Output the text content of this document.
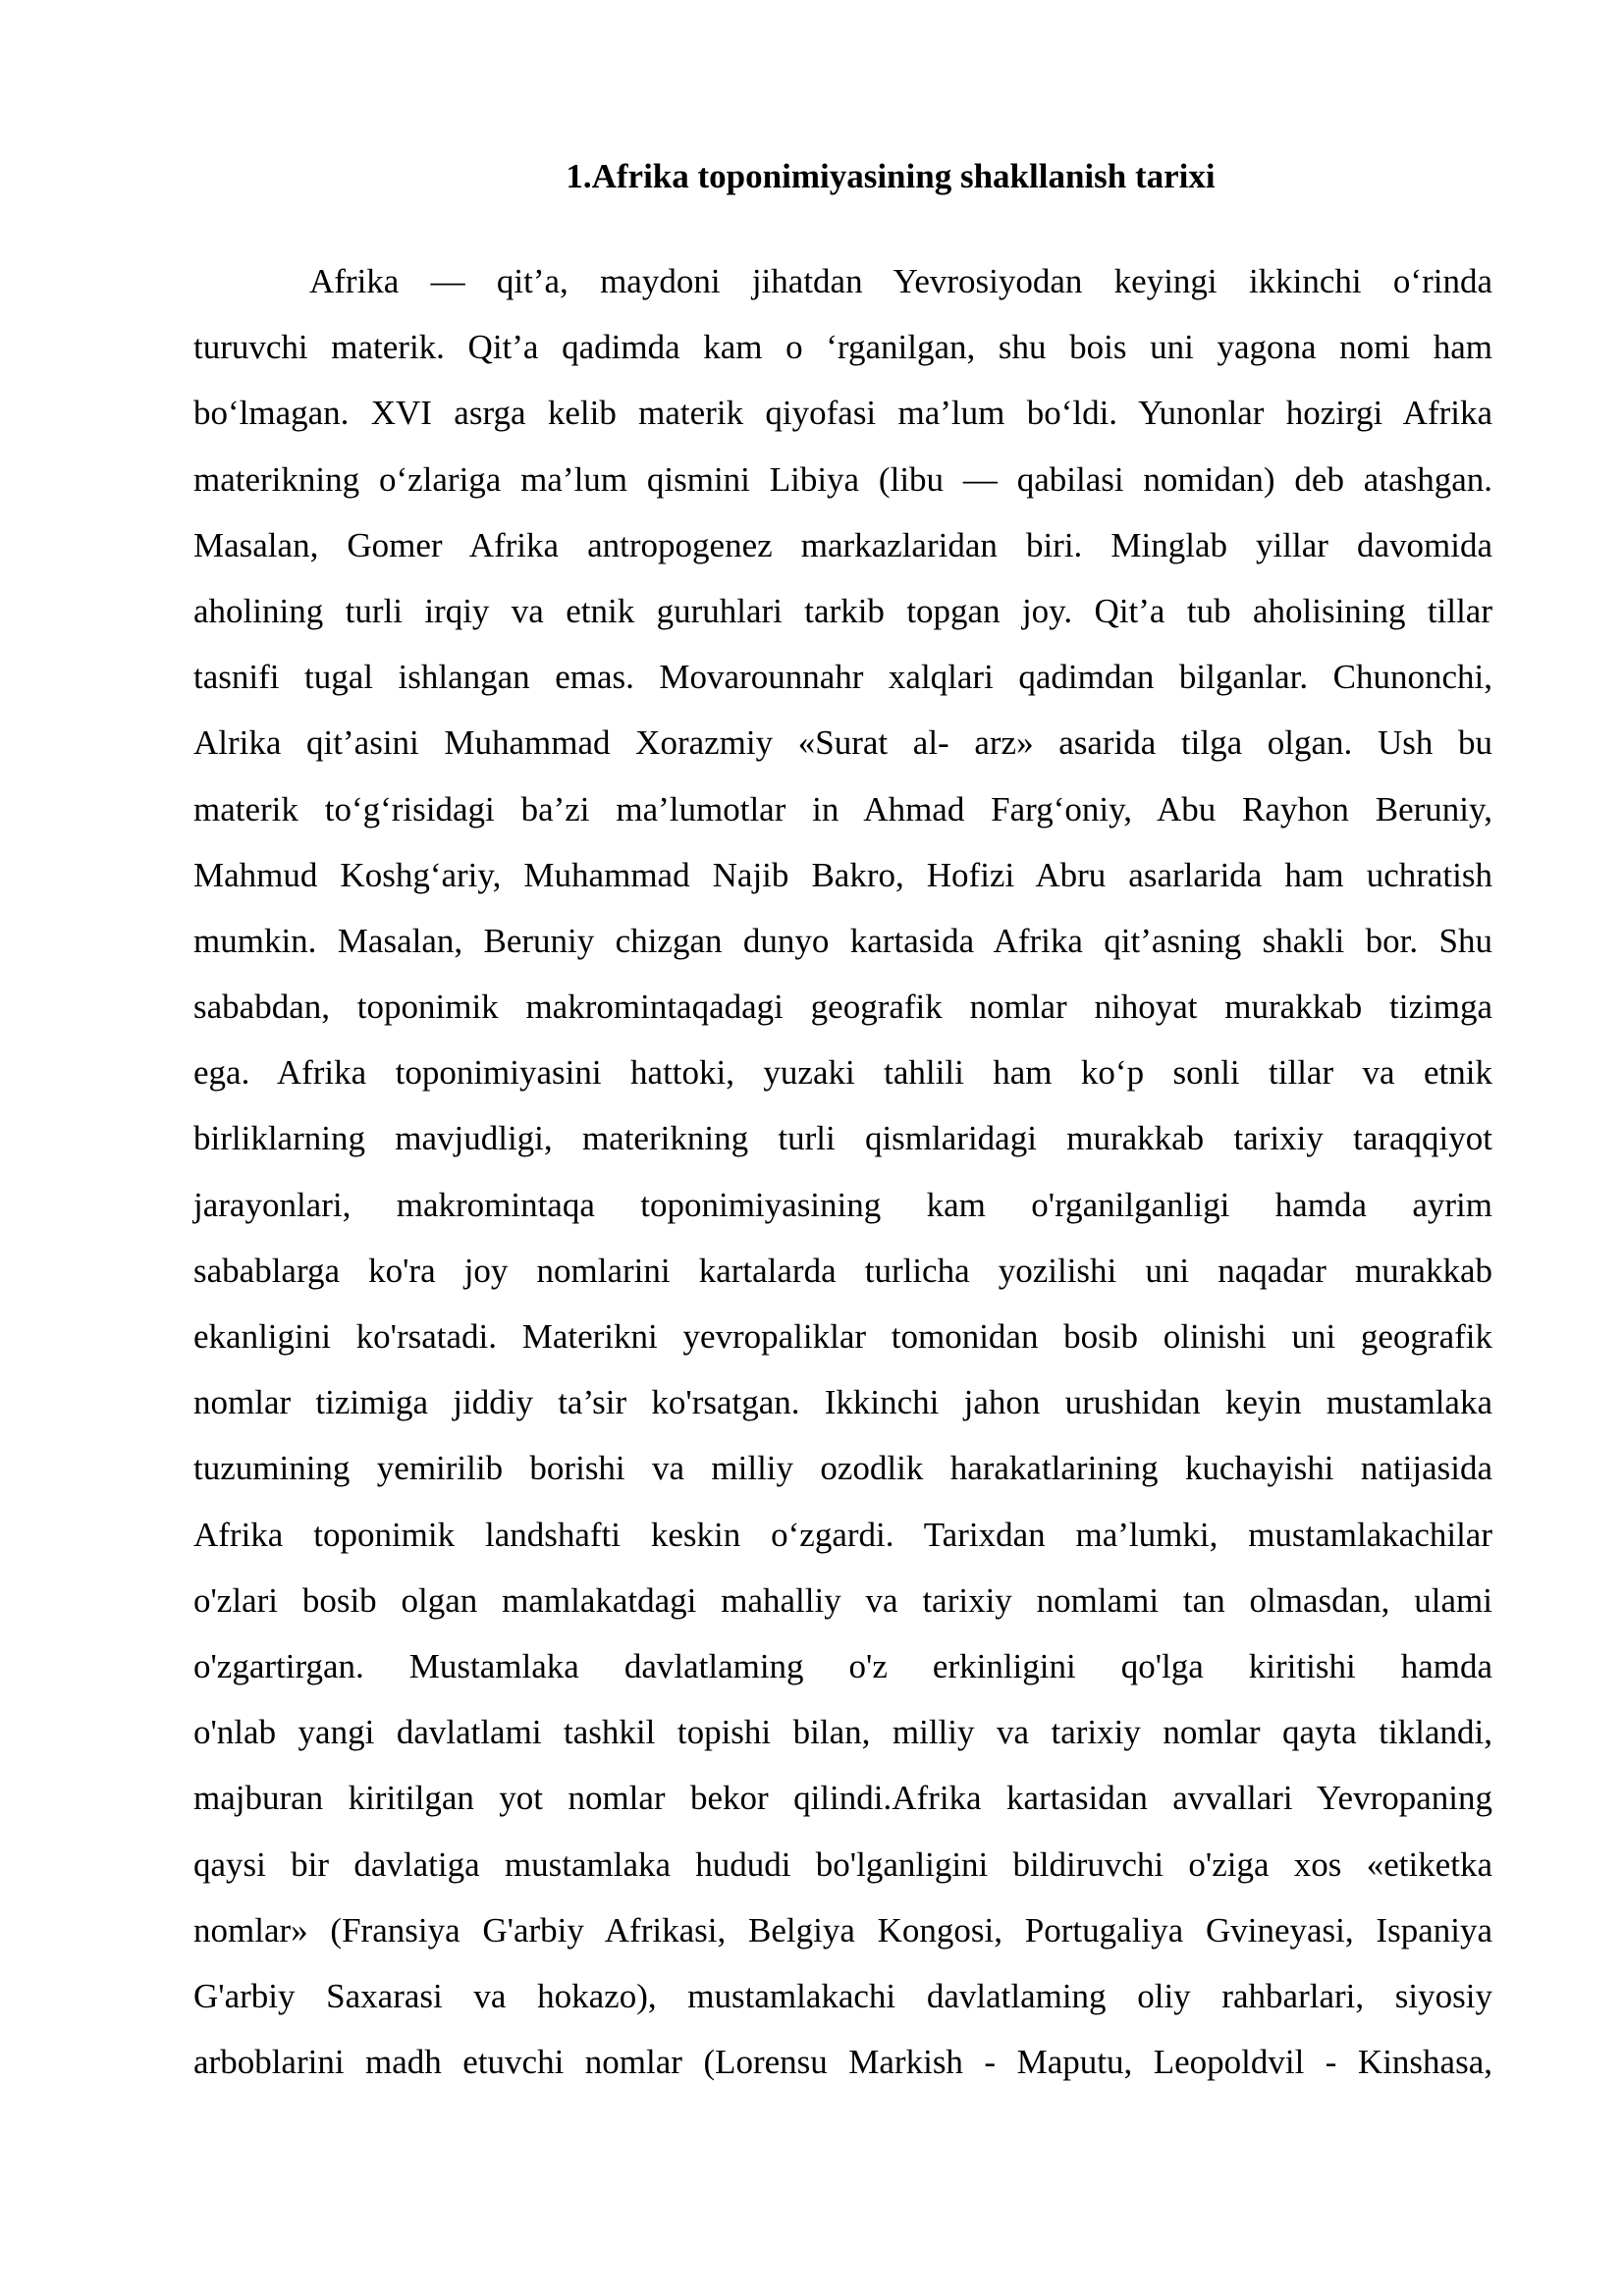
1.Afrika toponimiyasining shakllanish tarixi
Afrika — qit’a, maydoni jihatdan Yevrosiyodan keyingi ikkinchi o‘rinda
turuvchi materik. Qit’a qadimda kam o ‘rganilgan, shu bois uni yagona nomi ham
bo‘lmagan. XVI asrga kelib materik qiyofasi ma’lum bo‘ldi. Yunonlar hozirgi Afrika
materikning o‘zlariga ma’lum qismini Libiya (libu — qabilasi nomidan) deb atashgan.
Masalan, Gomer Afrika antropogenez markazlaridan biri. Minglab yillar davomida
aholining turli irqiy va etnik guruhlari tarkib topgan joy. Qit’a tub aholisining tillar
tasnifi tugal ishlangan emas. Movarounnahr xalqlari qadimdan bilganlar. Chunonchi,
Alrika qit’asini Muhammad Xorazmiy «Surat al- arz» asarida tilga olgan. Ush bu
materik to‘g‘risidagi ba’zi ma’lumotlar in Ahmad Farg‘oniy, Abu Rayhon Beruniy,
Mahmud Koshg‘ariy, Muhammad Najib Bakro, Hofizi Abru asarlarida ham uchratish
mumkin. Masalan, Beruniy chizgan dunyo kartasida Afrika qit’asning shakli bor. Shu
sababdan, toponimik makromintaqadagi geografik nomlar nihoyat murakkab tizimga
ega. Afrika toponimiyasini hattoki, yuzaki tahlili ham ko‘p sonli tillar va etnik
birliklarning mavjudligi, materikning turli qismlaridagi murakkab tarixiy taraqqiyot
jarayonlari, makromintaqa toponimiyasining kam o'rganilganligi hamda ayrim
sabablarga ko'ra joy nomlarini kartalarda turlicha yozilishi uni naqadar murakkab
ekanligini ko'rsatadi. Materikni yevropaliklar tomonidan bosib olinishi uni geografik
nomlar tizimiga jiddiy ta’sir ko'rsatgan. Ikkinchi jahon urushidan keyin mustamlaka
tuzumining yemirilib borishi va milliy ozodlik harakatlarining kuchayishi natijasida
Afrika toponimik landshafti keskin o‘zgardi. Tarixdan ma’lumki, mustamlakachilar
o'zlari bosib olgan mamlakatdagi mahalliy va tarixiy nomlami tan olmasdan, ulami
o'zgartirgan. Mustamlaka davlatlaming o'z erkinligini qo'lga kiritishi hamda
o'nlab yangi davlatlami tashkil topishi bilan, milliy va tarixiy nomlar qayta tiklandi,
majburan kiritilgan yot nomlar bekor qilindi.Afrika kartasidan avvallari Yevropaning
qaysi bir davlatiga mustamlaka hududi bo'lganligini bildiruvchi o'ziga xos «etiketka
nomlar» (Fransiya G'arbiy Afrikasi, Belgiya Kongosi, Portugaliya Gvineyasi, Ispaniya
G'arbiy Saxarasi va hokazo), mustamlakachi davlatlaming oliy rahbarlari, siyosiy
arboblarini madh etuvchi nomlar (Lorensu Markish - Maputu, Leopoldvil - Kinshasa,
